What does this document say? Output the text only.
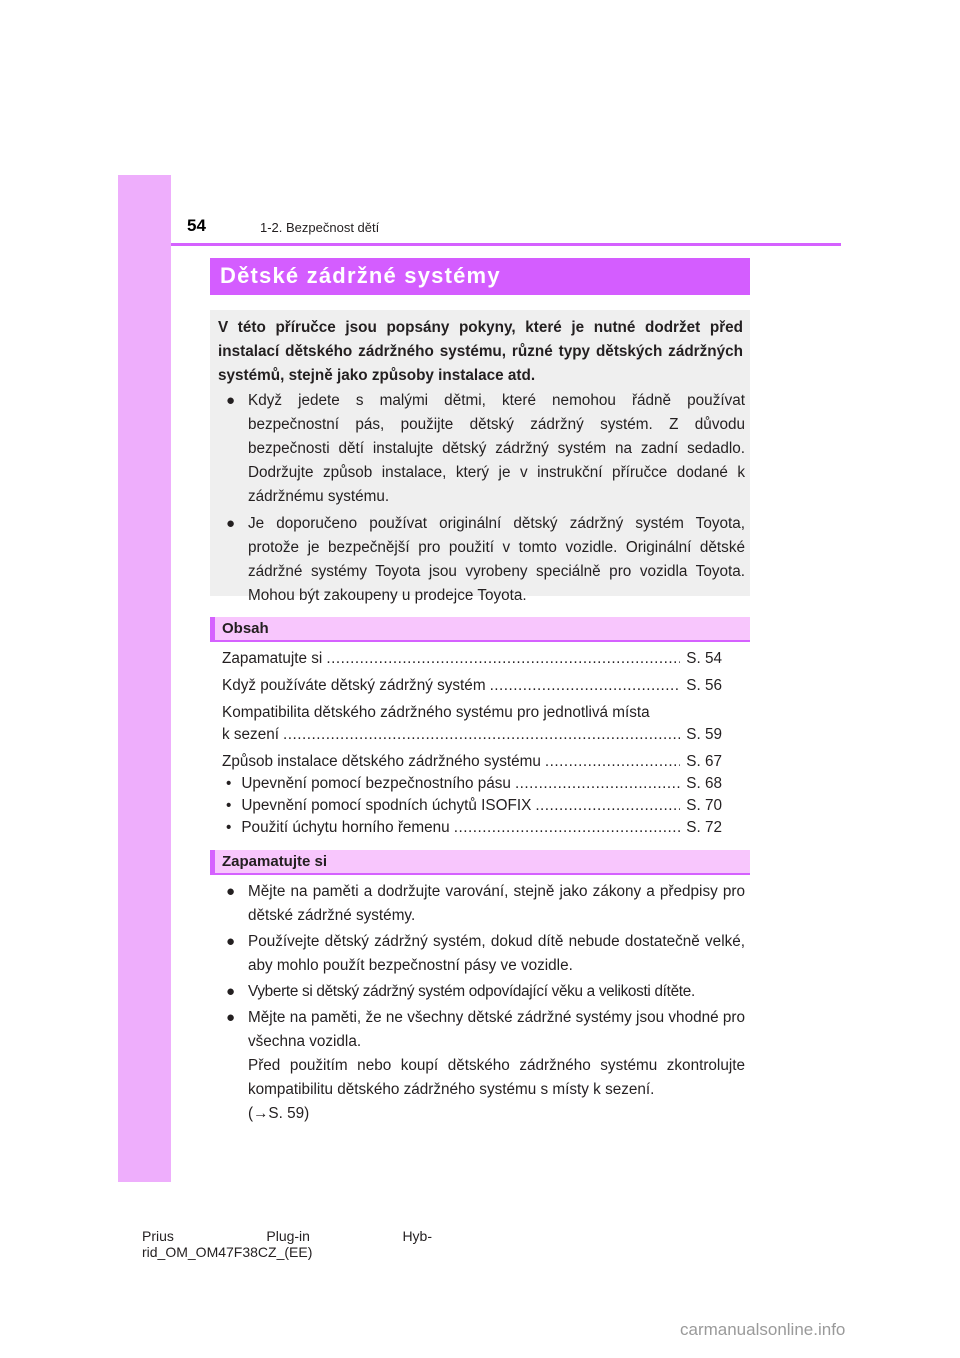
54	1-2. Bezpečnost dětí
Dětské zádržné systémy
V této příručce jsou popsány pokyny, které je nutné dodržet před instalací dětského zádržného systému, různé typy dětských zádržných systémů, stejně jako způsoby instalace atd.
● Když jedete s malými dětmi, které nemohou řádně používat bezpečnostní pás, použijte dětský zádržný systém. Z důvodu bezpečnosti dětí instalujte dětský zádržný systém na zadní sedadlo. Dodržujte způsob instalace, který je v instrukční příručce dodané k zádržnému systému.
● Je doporučeno používat originální dětský zádržný systém Toyota, protože je bezpečnější pro použití v tomto vozidle. Originální dětské zádržné systémy Toyota jsou vyrobeny speciálně pro vozidla Toyota. Mohou být zakoupeny u prodejce Toyota.
Obsah
Zapamatujte si .....	S. 54
Když používáte dětský zádržný systém .....	S. 56
Kompatibilita dětského zádržného systému pro jednotlivá místa
k sezení .....	S. 59
Způsob instalace dětského zádržného systému .....	S. 67
• Upevnění pomocí bezpečnostního pásu .....	S. 68
• Upevnění pomocí spodních úchytů ISOFIX .....	S. 70
• Použití úchytu horního řemenu .....	S. 72
Zapamatujte si
● Mějte na paměti a dodržujte varování, stejně jako zákony a předpisy pro dětské zádržné systémy.
● Používejte dětský zádržný systém, dokud dítě nebude dostatečně velké, aby mohlo použít bezpečnostní pásy ve vozidle.
● Vyberte si dětský zádržný systém odpovídající věku a velikosti dítěte.
● Mějte na paměti, že ne všechny dětské zádržné systémy jsou vhodné pro všechna vozidla.
Před použitím nebo koupí dětského zádržného systému zkontrolujte kompatibilitu dětského zádržného systému s místy k sezení.
(→S. 59)
Prius	Plug-in	Hyb-
rid_OM_OM47F38CZ_(EE)
carmanualsonline.info
